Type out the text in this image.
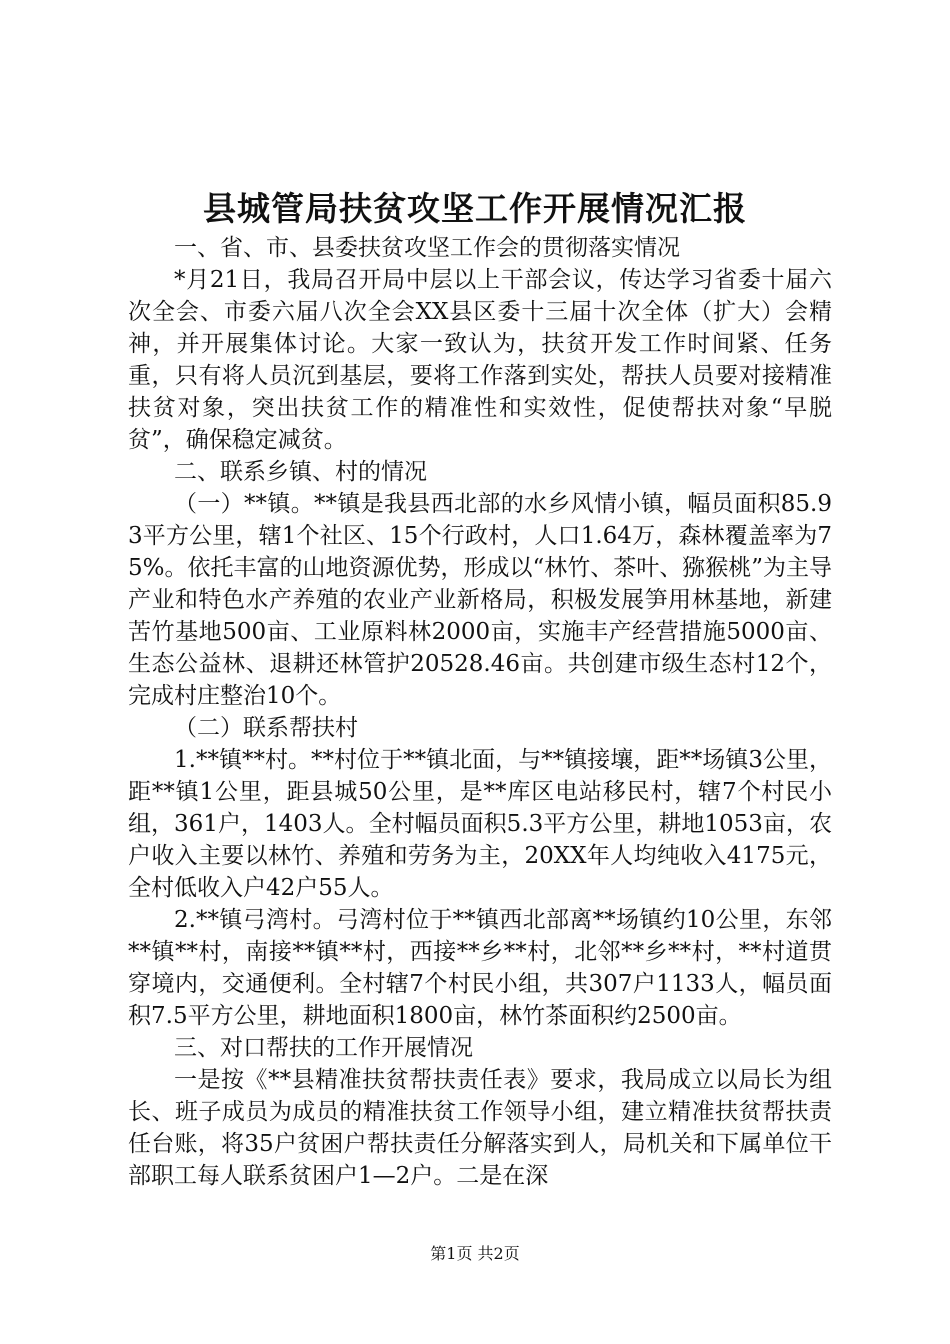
县城管局扶贫攻坚工作开展情况汇报

一、省、市、县委扶贫攻坚工作会的贯彻落实情况

*月21日，我局召开局中层以上干部会议，传达学习省委十届六次全会、市委六届八次全会XX县区委十三届十次全体（扩大）会精神，并开展集体讨论。大家一致认为，扶贫开发工作时间紧、任务重，只有将人员沉到基层，要将工作落到实处，帮扶人员要对接精准扶贫对象，突出扶贫工作的精准性和实效性，促使帮扶对象“早脱贫”，确保稳定减贫。

二、联系乡镇、村的情况

（一）**镇。**镇是我县西北部的水乡风情小镇，幅员面积85.93平方公里，辖1个社区、15个行政村，人口1.64万，森林覆盖率为75%。依托丰富的山地资源优势，形成以“林竹、茶叶、猕猴桃”为主导产业和特色水产养殖的农业产业新格局，积极发展笋用林基地，新建苦竹基地500亩、工业原料林2000亩，实施丰产经营措施5000亩、生态公益林、退耕还林管护20528.46亩。共创建市级生态村12个，完成村庄整治10个。

（二）联系帮扶村

1.**镇**村。**村位于**镇北面，与**镇接壤，距**场镇3公里，距**镇1公里，距县城50公里，是**库区电站移民村，辖7个村民小组，361户，1403人。全村幅员面积5.3平方公里，耕地1053亩，农户收入主要以林竹、养殖和劳务为主，20XX年人均纯收入4175元，全村低收入户42户55人。

2.**镇弓湾村。弓湾村位于**镇西北部离**场镇约10公里，东邻**镇**村，南接**镇**村，西接**乡**村，北邻**乡**村，**村道贯穿境内，交通便利。全村辖7个村民小组，共307户1133人，幅员面积7.5平方公里，耕地面积1800亩，林竹茶面积约2500亩。

三、对口帮扶的工作开展情况

一是按《**县精准扶贫帮扶责任表》要求，我局成立以局长为组长、班子成员为成员的精准扶贫工作领导小组，建立精准扶贫帮扶责任台账，将35户贫困户帮扶责任分解落实到人，局机关和下属单位干部职工每人联系贫困户1—2户。二是在深

第1页 共2页
